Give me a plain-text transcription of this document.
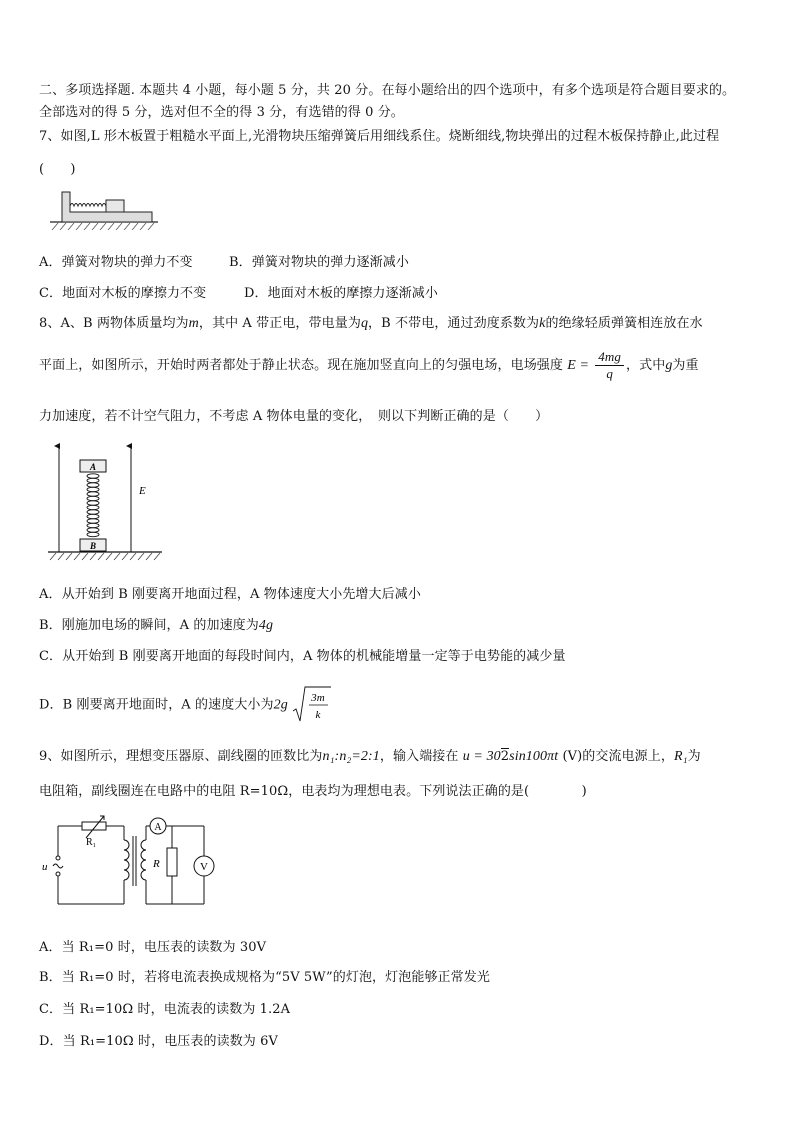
二、多项选择题. 本题共 4 小题，每小题 5 分，共 20 分。在每小题给出的四个选项中，有多个选项是符合题目要求的。
全部选对的得 5 分，选对但不全的得 3 分，有选错的得 0 分。
7、如图,L 形木板置于粗糙水平面上,光滑物块压缩弹簧后用细线系住。烧断细线,物块弹出的过程木板保持静止,此过程
(　　)
A．弹簧对物块的弹力不变	B．弹簧对物块的弹力逐渐减小
C．地面对木板的摩擦力不变	D．地面对木板的摩擦力逐渐减小
8、A、B 两物体质量均为m，其中 A 带正电，带电量为q，B 不带电，通过劲度系数为k的绝缘轻质弹簧相连放在水
平面上，如图所示，开始时两者都处于静止状态。现在施加竖直向上的匀强电场，电场强度 $E = \frac{4mg}{q}$ ，式中g为重
力加速度，若不计空气阻力，不考虑 A 物体电量的变化，　则以下判断正确的是（　　）
A
B
E
A．从开始到 B 刚要离开地面过程，A 物体速度大小先增大后减小
B．刚施加电场的瞬间，A 的加速度为4g
C．从开始到 B 刚要离开地面的每段时间内，A 物体的机械能增量一定等于电势能的减少量
D．B 刚要离开地面时，A 的速度大小为2g 3m
k
9、如图所示，理想变压器原、副线圈的匝数比为n₁:n₂=2:1，输入端接在 u = 302sin100πt (V)的交流电源上，R₁为
电阻箱，副线圈连在电路中的电阻 R=10Ω，电表均为理想电表。下列说法正确的是(　　　　)
u
R₁
R
A
V
A．当 R₁=0 时，电压表的读数为 30V
B．当 R₁=0 时，若将电流表换成规格为“5V 5W”的灯泡，灯泡能够正常发光
C．当 R₁=10Ω 时，电流表的读数为 1.2A
D．当 R₁=10Ω 时，电压表的读数为 6V
